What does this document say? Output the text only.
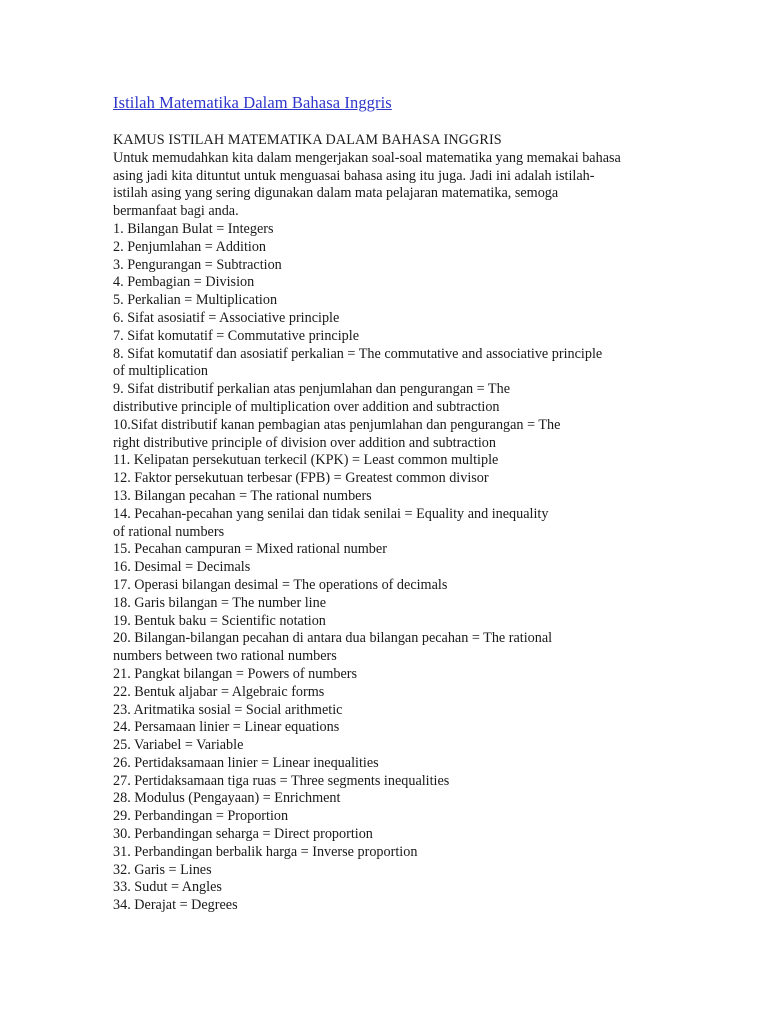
Istilah Matematika Dalam Bahasa Inggris
KAMUS ISTILAH MATEMATIKA DALAM BAHASA INGGRIS
Untuk memudahkan kita dalam mengerjakan soal-soal matematika yang memakai bahasa
asing jadi kita dituntut untuk menguasai bahasa asing itu juga. Jadi ini adalah istilah-
istilah asing yang sering digunakan dalam mata pelajaran matematika, semoga
bermanfaat bagi anda.
1. Bilangan Bulat = Integers
2. Penjumlahan = Addition
3. Pengurangan = Subtraction
4. Pembagian = Division
5. Perkalian = Multiplication
6. Sifat asosiatif = Associative principle
7. Sifat komutatif = Commutative principle
8. Sifat komutatif dan asosiatif perkalian = The commutative and associative principle
of multiplication
9. Sifat distributif perkalian atas penjumlahan dan pengurangan = The
distributive principle of multiplication over addition and subtraction
10.Sifat distributif kanan pembagian atas penjumlahan dan pengurangan = The
right distributive principle of division over addition and subtraction
11. Kelipatan persekutuan terkecil (KPK) = Least common multiple
12. Faktor persekutuan terbesar (FPB) = Greatest common divisor
13. Bilangan pecahan = The rational numbers
14. Pecahan-pecahan yang senilai dan tidak senilai = Equality and inequality
of rational numbers
15. Pecahan campuran = Mixed rational number
16. Desimal = Decimals
17. Operasi bilangan desimal = The operations of decimals
18. Garis bilangan = The number line
19. Bentuk baku = Scientific notation
20. Bilangan-bilangan pecahan di antara dua bilangan pecahan = The rational
numbers between two rational numbers
21. Pangkat bilangan = Powers of numbers
22. Bentuk aljabar = Algebraic forms
23. Aritmatika sosial = Social arithmetic
24. Persamaan linier = Linear equations
25. Variabel = Variable
26. Pertidaksamaan linier = Linear inequalities
27. Pertidaksamaan tiga ruas = Three segments inequalities
28. Modulus (Pengayaan) = Enrichment
29. Perbandingan = Proportion
30. Perbandingan seharga = Direct proportion
31. Perbandingan berbalik harga = Inverse proportion
32. Garis = Lines
33. Sudut = Angles
34. Derajat = Degrees
